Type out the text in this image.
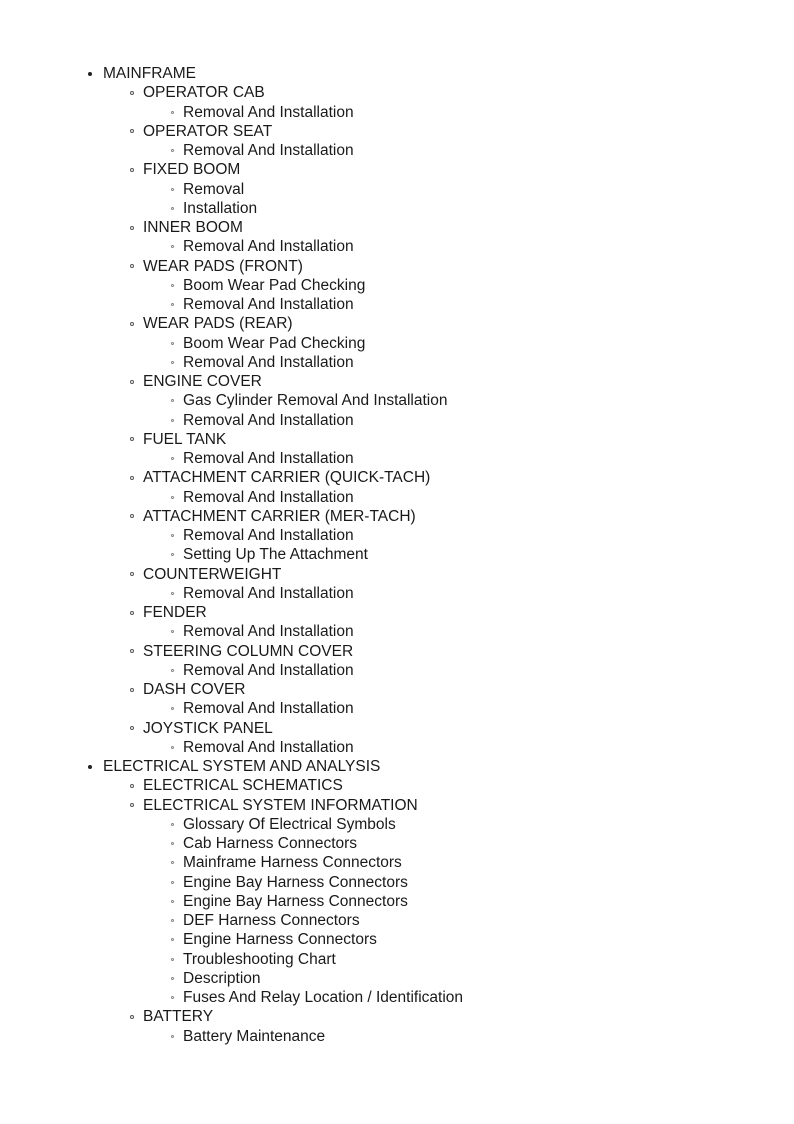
MAINFRAME
OPERATOR CAB
Removal And Installation
OPERATOR SEAT
Removal And Installation
FIXED BOOM
Removal
Installation
INNER BOOM
Removal And Installation
WEAR PADS (FRONT)
Boom Wear Pad Checking
Removal And Installation
WEAR PADS (REAR)
Boom Wear Pad Checking
Removal And Installation
ENGINE COVER
Gas Cylinder Removal And Installation
Removal And Installation
FUEL TANK
Removal And Installation
ATTACHMENT CARRIER (QUICK-TACH)
Removal And Installation
ATTACHMENT CARRIER (MER-TACH)
Removal And Installation
Setting Up The Attachment
COUNTERWEIGHT
Removal And Installation
FENDER
Removal And Installation
STEERING COLUMN COVER
Removal And Installation
DASH COVER
Removal And Installation
JOYSTICK PANEL
Removal And Installation
ELECTRICAL SYSTEM AND ANALYSIS
ELECTRICAL SCHEMATICS
ELECTRICAL SYSTEM INFORMATION
Glossary Of Electrical Symbols
Cab Harness Connectors
Mainframe Harness Connectors
Engine Bay Harness Connectors
Engine Bay Harness Connectors
DEF Harness Connectors
Engine Harness Connectors
Troubleshooting Chart
Description
Fuses And Relay Location / Identification
BATTERY
Battery Maintenance
